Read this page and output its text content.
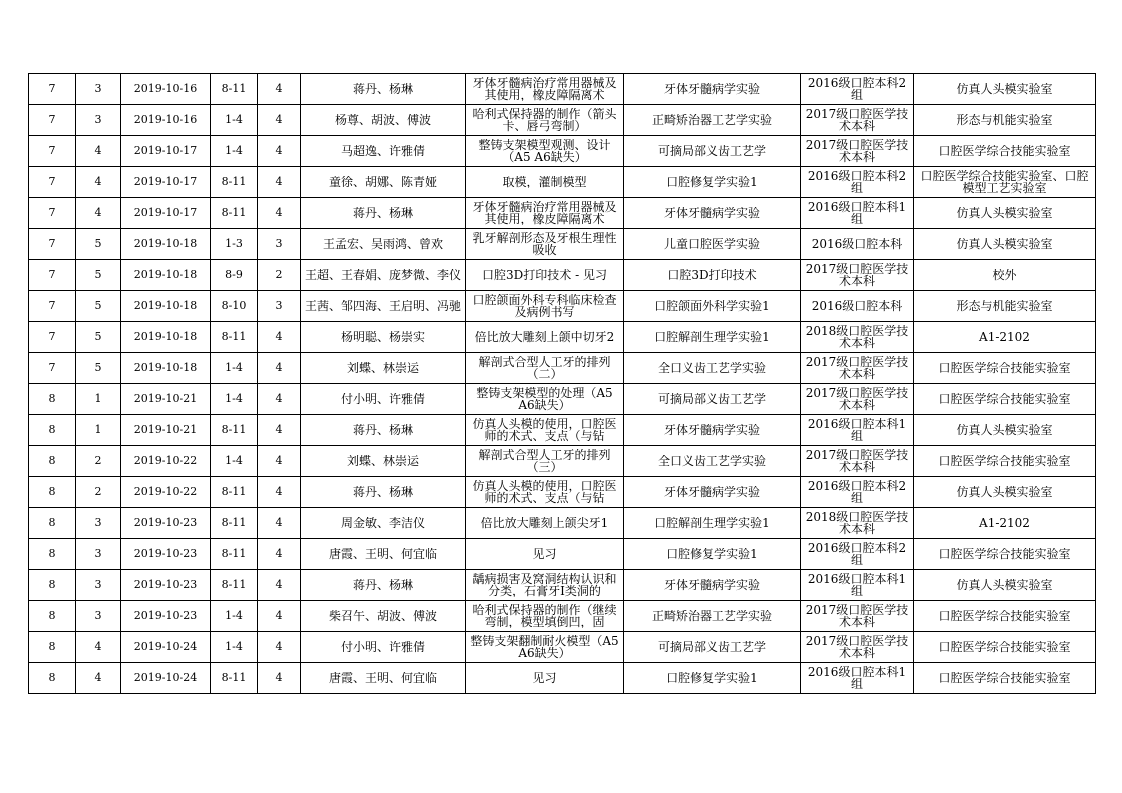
7	3	2019-10-16	8-11	4	蒋丹、杨琳	牙体牙髓病治疗常用器械及其使用，橡皮障隔离术	牙体牙髓病学实验	2016级口腔本科2组	仿真人头模实验室

7	3	2019-10-16	1-4	4	杨尊、胡波、傅波	哈利式保持器的制作（箭头卡、唇弓弯制）	正畸矫治器工艺学实验	2017级口腔医学技术本科	形态与机能实验室

7	4	2019-10-17	1-4	4	马超逸、许雅倩	整铸支架模型观测、设计（A5 A6缺失）	可摘局部义齿工艺学	2017级口腔医学技术本科	口腔医学综合技能实验室

7	4	2019-10-17	8-11	4	童徐、胡娜、陈青娅	取模，灌制模型	口腔修复学实验1	2016级口腔本科2组	口腔医学综合技能实验室、口腔模型工艺实验室

7	4	2019-10-17	8-11	4	蒋丹、杨琳	牙体牙髓病治疗常用器械及其使用，橡皮障隔离术	牙体牙髓病学实验	2016级口腔本科1组	仿真人头模实验室

7	5	2019-10-18	1-3	3	王孟宏、吴雨鸿、曾欢	乳牙解剖形态及牙根生理性吸收	儿童口腔医学实验	2016级口腔本科	仿真人头模实验室

7	5	2019-10-18	8-9	2	王超、王春娟、庞梦微、李仪	口腔3D打印技术 - 见习	口腔3D打印技术	2017级口腔医学技术本科	校外

7	5	2019-10-18	8-10	3	王茜、邹四海、王启明、冯驰	口腔颌面外科专科临床检查及病例书写	口腔颌面外科学实验1	2016级口腔本科	形态与机能实验室

7	5	2019-10-18	8-11	4	杨明聪、杨崇实	倍比放大雕刻上颌中切牙2	口腔解剖生理学实验1	2018级口腔医学技术本科	A1-2102

7	5	2019-10-18	1-4	4	刘蝶、林崇运	解剖式合型人工牙的排列（二）	全口义齿工艺学实验	2017级口腔医学技术本科	口腔医学综合技能实验室

8	1	2019-10-21	1-4	4	付小明、许雅倩	整铸支架模型的处理（A5 A6缺失）	可摘局部义齿工艺学	2017级口腔医学技术本科	口腔医学综合技能实验室

8	1	2019-10-21	8-11	4	蒋丹、杨琳	仿真人头模的使用，口腔医师的术式、支点（与钻	牙体牙髓病学实验	2016级口腔本科1组	仿真人头模实验室

8	2	2019-10-22	1-4	4	刘蝶、林崇运	解剖式合型人工牙的排列（三）	全口义齿工艺学实验	2017级口腔医学技术本科	口腔医学综合技能实验室

8	2	2019-10-22	8-11	4	蒋丹、杨琳	仿真人头模的使用，口腔医师的术式、支点（与钻	牙体牙髓病学实验	2016级口腔本科2组	仿真人头模实验室

8	3	2019-10-23	8-11	4	周金敏、李洁仪	倍比放大雕刻上颌尖牙1	口腔解剖生理学实验1	2018级口腔医学技术本科	A1-2102

8	3	2019-10-23	8-11	4	唐霞、王明、何宜临	见习	口腔修复学实验1	2016级口腔本科2组	口腔医学综合技能实验室

8	3	2019-10-23	8-11	4	蒋丹、杨琳	龋病损害及窝洞结构认识和分类，石膏牙Ⅰ类洞的	牙体牙髓病学实验	2016级口腔本科1组	仿真人头模实验室

8	3	2019-10-23	1-4	4	柴召午、胡波、傅波	哈利式保持器的制作（继续弯制，模型填倒凹，固	正畸矫治器工艺学实验	2017级口腔医学技术本科	口腔医学综合技能实验室

8	4	2019-10-24	1-4	4	付小明、许雅倩	整铸支架翻制耐火模型（A5 A6缺失）	可摘局部义齿工艺学	2017级口腔医学技术本科	口腔医学综合技能实验室

8	4	2019-10-24	8-11	4	唐霞、王明、何宜临	见习	口腔修复学实验1	2016级口腔本科1组	口腔医学综合技能实验室
